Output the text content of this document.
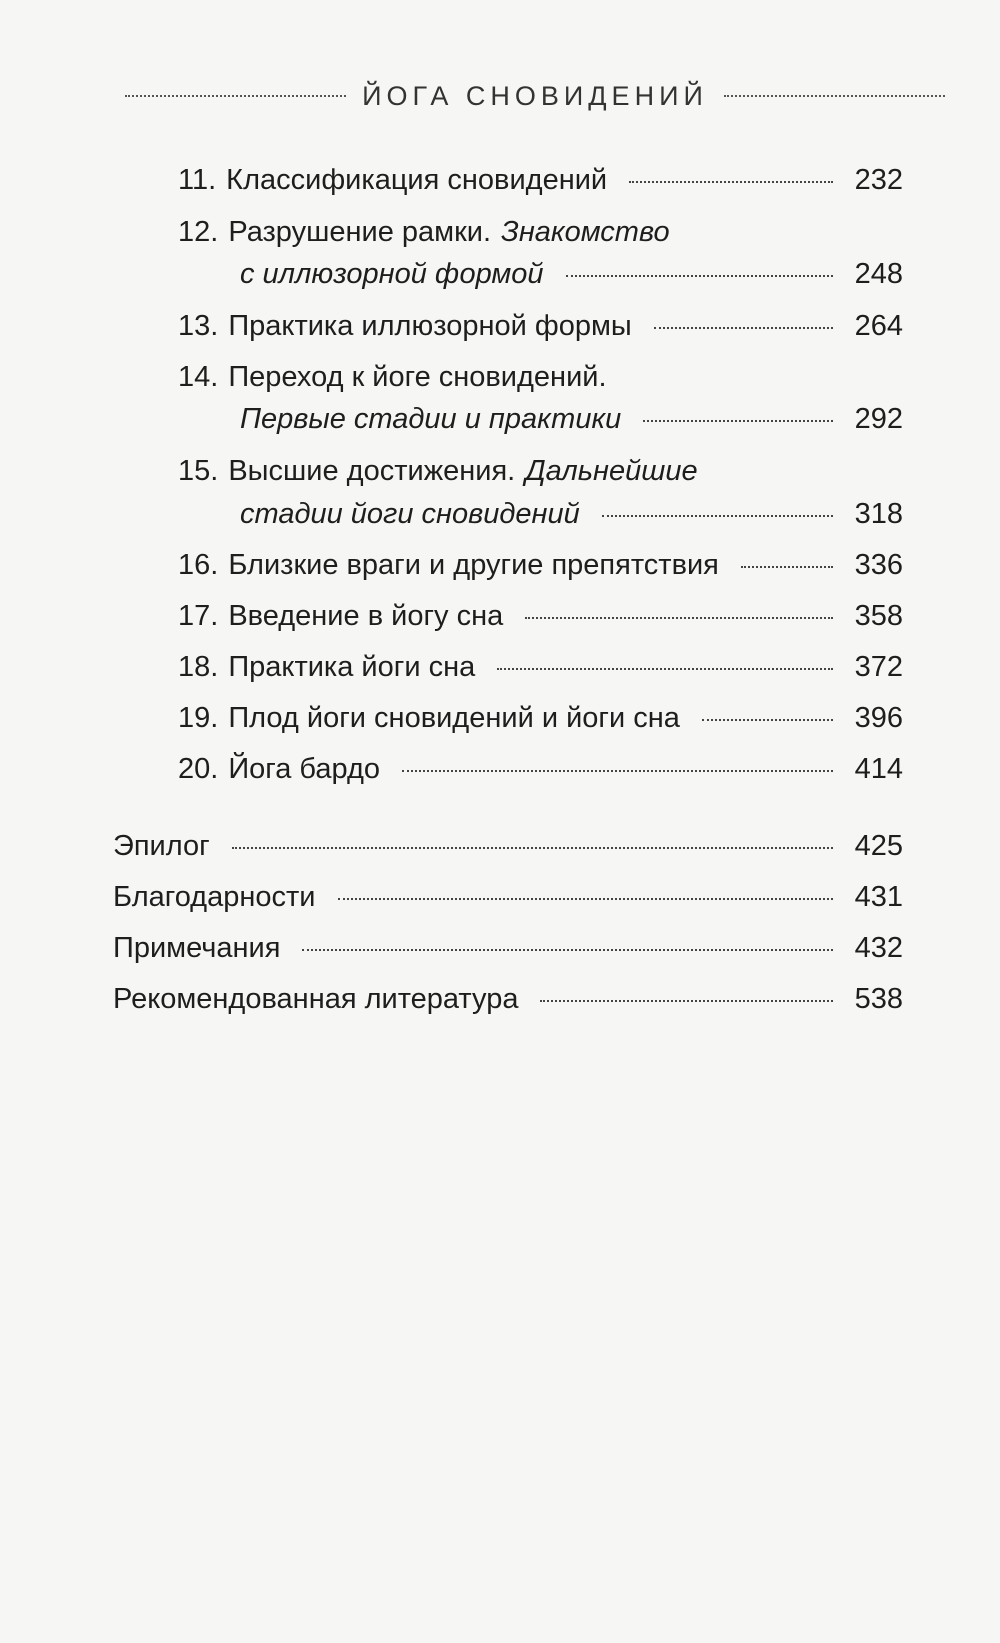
ЙОГА СНОВИДЕНИЙ
11. Классификация сновидений	232
12. Разрушение рамки. Знакомство
с иллюзорной формой	248
13. Практика иллюзорной формы	264
14. Переход к йоге сновидений.
Первые стадии и практики	292
15. Высшие достижения. Дальнейшие
стадии йоги сновидений	318
16. Близкие враги и другие препятствия	336
17. Введение в йогу сна	358
18. Практика йоги сна	372
19. Плод йоги сновидений и йоги сна	396
20. Йога бардо	414
Эпилог	425
Благодарности	431
Примечания	432
Рекомендованная литература	538
